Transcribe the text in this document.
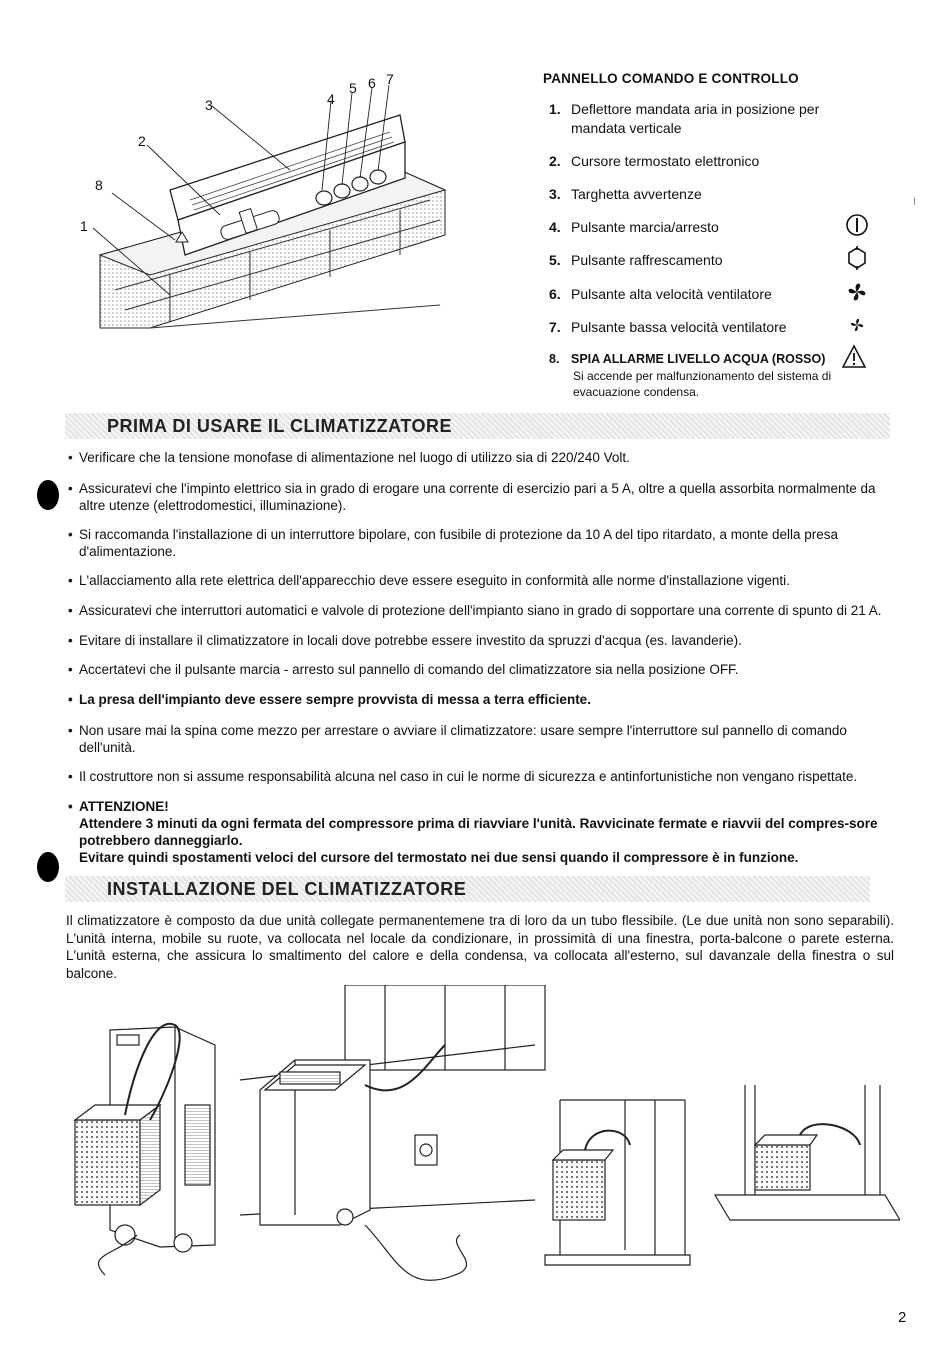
1
2
3	4
5 6 7
8
PANNELLO COMANDO E CONTROLLO
1. Deflettore mandata aria in posizione per mandata verticale
2. Cursore termostato elettronico
3. Targhetta avvertenze
4. Pulsante marcia/arresto
5. Pulsante raffrescamento
6. Pulsante alta velocità ventilatore
7. Pulsante bassa velocità ventilatore
8. SPIA ALLARME LIVELLO ACQUA (ROSSO)
Si accende per malfunzionamento del sistema di evacuazione condensa.
I
PRIMA DI USARE IL CLIMATIZZATORE
• Verificare che la tensione monofase di alimentazione nel luogo di utilizzo sia di 220/240 Volt.
• Assicuratevi che l'impinto elettrico sia in grado di erogare una corrente di esercizio pari a 5 A, oltre a quella assorbita normalmente da altre utenze (elettrodomestici, illuminazione).
• Si raccomanda l'installazione di un interruttore bipolare, con fusibile di protezione da 10 A del tipo ritardato, a monte della presa d'alimentazione.
• L'allacciamento alla rete elettrica dell'apparecchio deve essere eseguito in conformità alle norme d'installazione vigenti.
• Assicuratevi che interruttori automatici e valvole di protezione dell'impianto siano in grado di sopportare una corrente di spunto di 21 A.
• Evitare di installare il climatizzatore in locali dove potrebbe essere investito da spruzzi d'acqua (es. lavanderie).
• Accertatevi che il pulsante marcia - arresto sul pannello di comando del climatizzatore sia nella posizione OFF.
• La presa dell'impianto deve essere sempre provvista di messa a terra efficiente.
• Non usare mai la spina come mezzo per arrestare o avviare il climatizzatore: usare sempre l'interruttore sul pannello di comando dell'unità.
• Il costruttore non si assume responsabilità alcuna nel caso in cui le norme di sicurezza e antinfortunistiche non vengano rispettate.
• ATTENZIONE!
Attendere 3 minuti da ogni fermata del compressore prima di riavviare l'unità. Ravvicinate fermate e riavvii del compres-sore potrebbero danneggiarlo.
Evitare quindi spostamenti veloci del cursore del termostato nei due sensi quando il compressore è in funzione.
INSTALLAZIONE DEL CLIMATIZZATORE
Il climatizzatore è composto da due unità collegate permanentemene tra di loro da un tubo flessibile. (Le due unità non sono separabili). L'unità interna, mobile su ruote, va collocata nel locale da condizionare, in prossimità di una finestra, porta-balcone o parete esterna. L'unità esterna, che assicura lo smaltimento del calore e della condensa, va collocata all'esterno, sul davanzale della finestra o sul balcone.
2
